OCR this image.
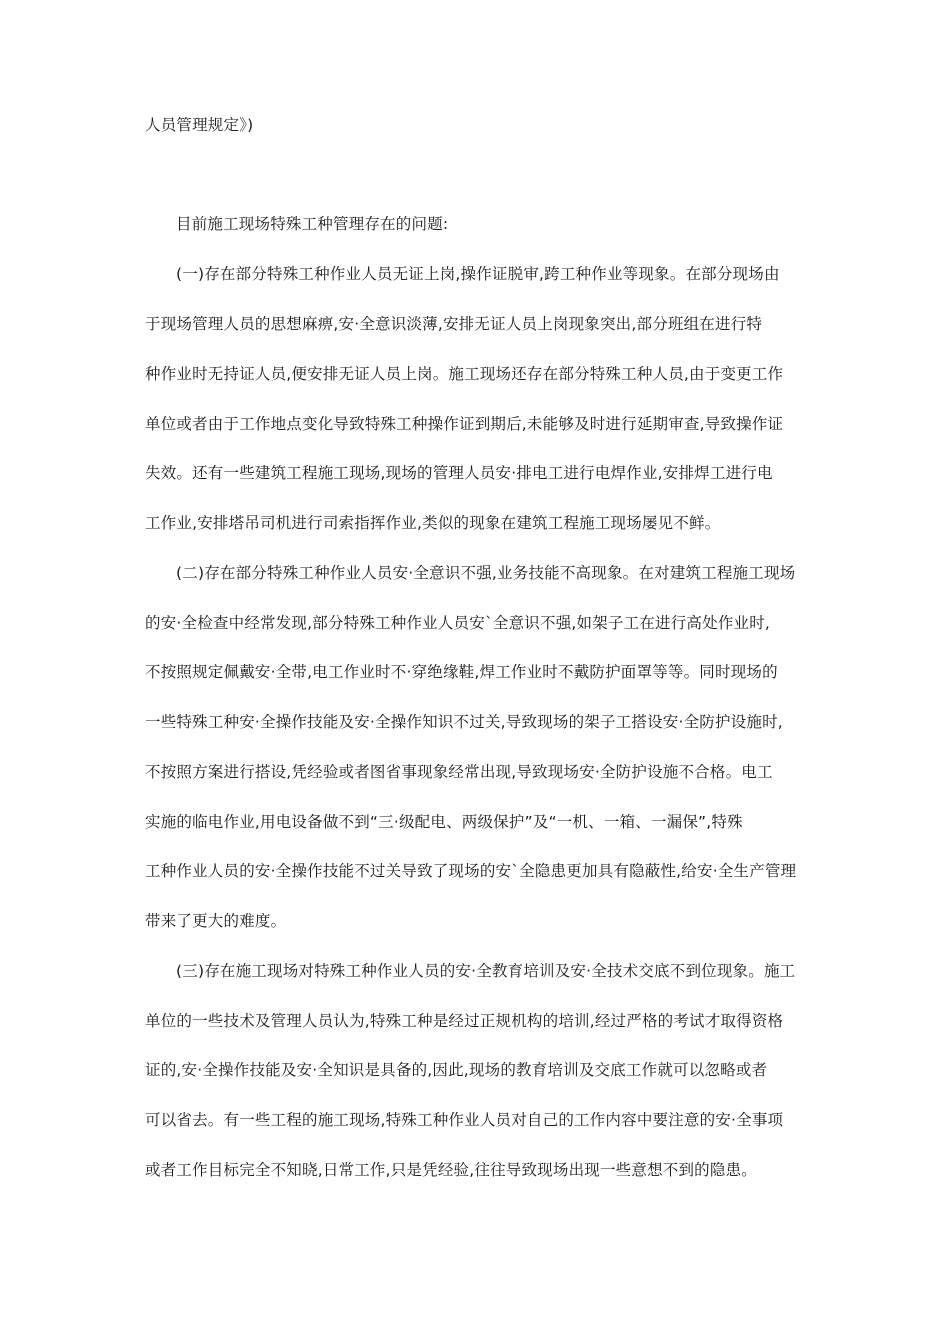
人员管理规定》)
目前施工现场特殊工种管理存在的问题:
(一)存在部分特殊工种作业人员无证上岗,操作证脱审,跨工种作业等现象。在部分现场由
于现场管理人员的思想麻痹,安·全意识淡薄,安排无证人员上岗现象突出,部分班组在进行特
种作业时无持证人员,便安排无证人员上岗。施工现场还存在部分特殊工种人员,由于变更工作
单位或者由于工作地点变化导致特殊工种操作证到期后,未能够及时进行延期审查,导致操作证
失效。还有一些建筑工程施工现场,现场的管理人员安·排电工进行电焊作业,安排焊工进行电
工作业,安排塔吊司机进行司索指挥作业,类似的现象在建筑工程施工现场屡见不鲜。
(二)存在部分特殊工种作业人员安·全意识不强,业务技能不高现象。在对建筑工程施工现场
的安·全检查中经常发现,部分特殊工种作业人员安`全意识不强,如架子工在进行高处作业时,
不按照规定佩戴安·全带,电工作业时不·穿绝缘鞋,焊工作业时不戴防护面罩等等。同时现场的
一些特殊工种安·全操作技能及安·全操作知识不过关,导致现场的架子工搭设安·全防护设施时,
不按照方案进行搭设,凭经验或者图省事现象经常出现,导致现场安·全防护设施不合格。电工
实施的临电作业,用电设备做不到“三·级配电、两级保护”及“一机、一箱、一漏保”,特殊
工种作业人员的安·全操作技能不过关导致了现场的安`全隐患更加具有隐蔽性,给安·全生产管理
带来了更大的难度。
(三)存在施工现场对特殊工种作业人员的安·全教育培训及安·全技术交底不到位现象。施工
单位的一些技术及管理人员认为,特殊工种是经过正规机构的培训,经过严格的考试才取得资格
证的,安·全操作技能及安·全知识是具备的,因此,现场的教育培训及交底工作就可以忽略或者
可以省去。有一些工程的施工现场,特殊工种作业人员对自己的工作内容中要注意的安·全事项
或者工作目标完全不知晓,日常工作,只是凭经验,往往导致现场出现一些意想不到的隐患。
